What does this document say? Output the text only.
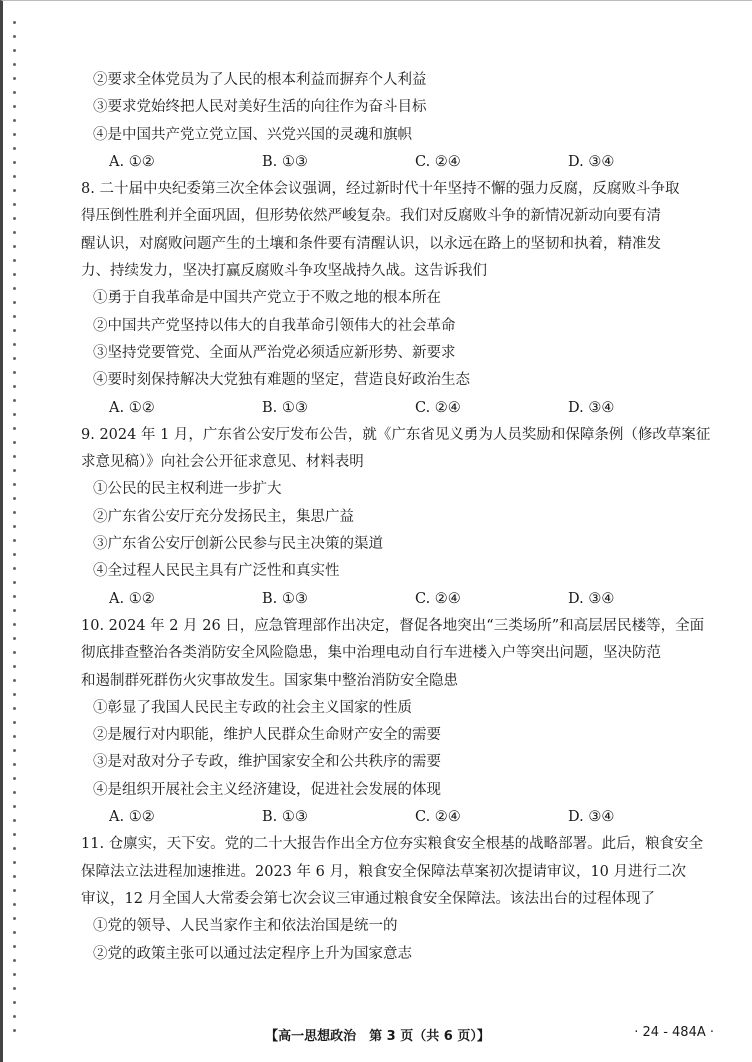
②要求全体党员为了人民的根本利益而摒弃个人利益
③要求党始终把人民对美好生活的向往作为奋斗目标
④是中国共产党立党立国、兴党兴国的灵魂和旗帜
A. ①②	B. ①③	C. ②④	D. ③④
8. 二十届中央纪委第三次全体会议强调，经过新时代十年坚持不懈的强力反腐，反腐败斗争取
得压倒性胜利并全面巩固，但形势依然严峻复杂。我们对反腐败斗争的新情况新动向要有清
醒认识，对腐败问题产生的土壤和条件要有清醒认识，以永远在路上的坚韧和执着，精准发
力、持续发力，坚决打赢反腐败斗争攻坚战持久战。这告诉我们
①勇于自我革命是中国共产党立于不败之地的根本所在
②中国共产党坚持以伟大的自我革命引领伟大的社会革命
③坚持党要管党、全面从严治党必须适应新形势、新要求
④要时刻保持解决大党独有难题的坚定，营造良好政治生态
A. ①②	B. ①③	C. ②④	D. ③④
9. 2024 年 1 月，广东省公安厅发布公告，就《广东省见义勇为人员奖励和保障条例（修改草案征
求意见稿）》向社会公开征求意见、材料表明
①公民的民主权利进一步扩大
②广东省公安厅充分发扬民主，集思广益
③广东省公安厅创新公民参与民主决策的渠道
④全过程人民民主具有广泛性和真实性
A. ①②	B. ①③	C. ②④	D. ③④
10. 2024 年 2 月 26 日，应急管理部作出决定，督促各地突出“三类场所”和高层居民楼等，全面
彻底排查整治各类消防安全风险隐患，集中治理电动自行车进楼入户等突出问题，坚决防范
和遏制群死群伤火灾事故发生。国家集中整治消防安全隐患
①彰显了我国人民民主专政的社会主义国家的性质
②是履行对内职能，维护人民群众生命财产安全的需要
③是对敌对分子专政，维护国家安全和公共秩序的需要
④是组织开展社会主义经济建设，促进社会发展的体现
A. ①②	B. ①③	C. ②④	D. ③④
11. 仓廪实，天下安。党的二十大报告作出全方位夯实粮食安全根基的战略部署。此后，粮食安全
保障法立法进程加速推进。2023 年 6 月，粮食安全保障法草案初次提请审议，10 月进行二次
审议，12 月全国人大常委会第七次会议三审通过粮食安全保障法。该法出台的过程体现了
①党的领导、人民当家作主和依法治国是统一的
②党的政策主张可以通过法定程序上升为国家意志
【高一思想政治　第 3 页（共 6 页）】	· 24 - 484A ·
